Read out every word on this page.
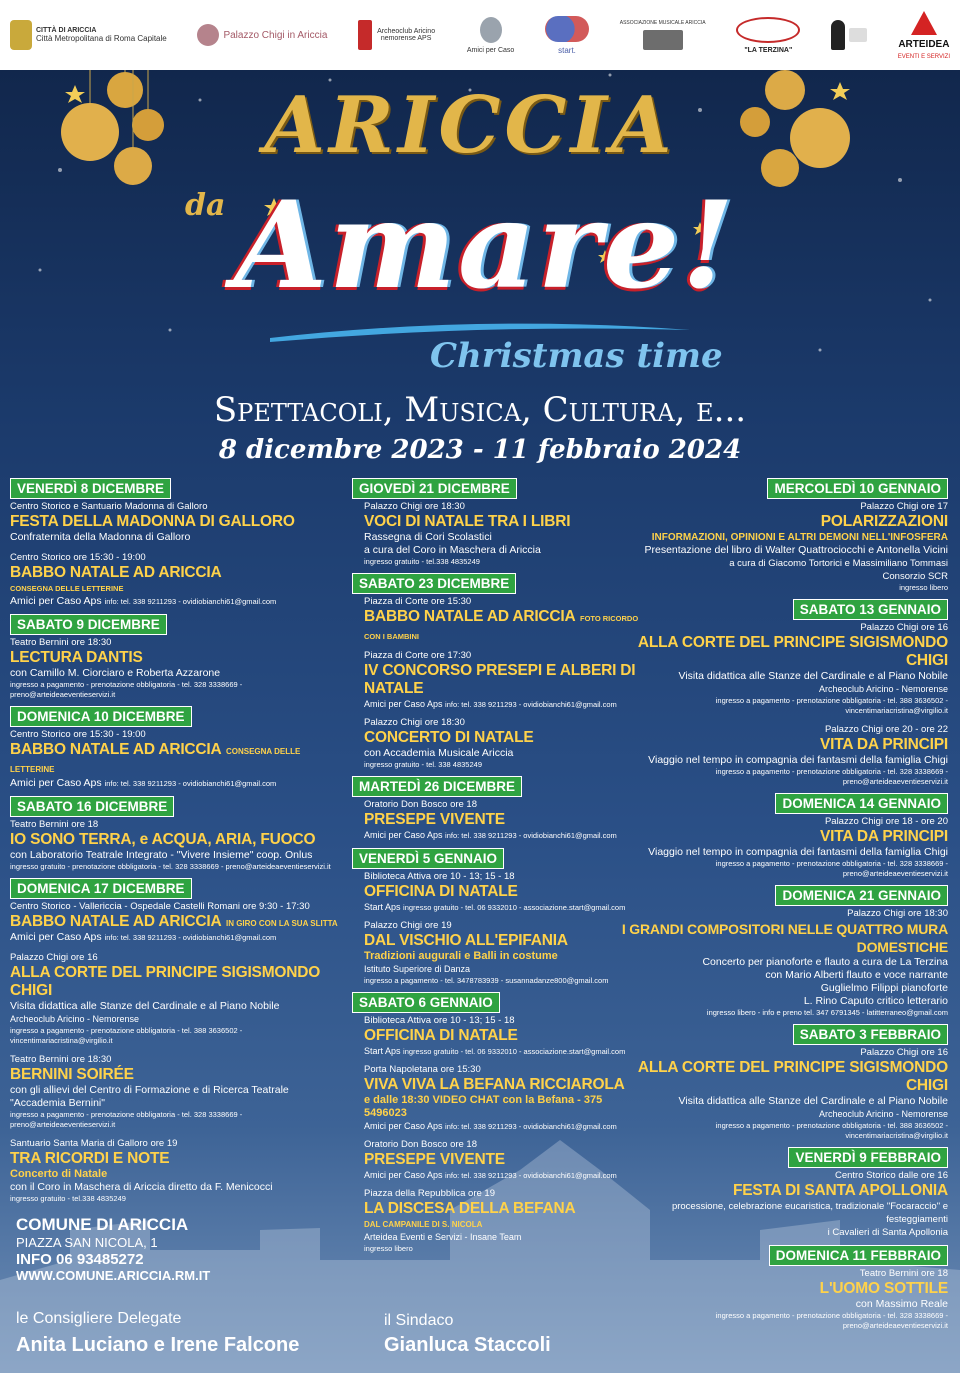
CITTÀ DI ARICCIA
Città Metropolitana di Roma Capitale	Palazzo Chigi in Ariccia	Archeoclub Aricino nemorense APS
Amici per Caso	start.
ASSOCIAZIONE MUSICALE ARICCIA
"LA TERZINA"
ARTEIDEA
EVENTI E SERVIZI
ARICCIA
da Amare!
Christmas time
Spettacoli, Musica, Cultura, e...
8 dicembre 2023 - 11 febbraio 2024
VENERDÌ 8 DICEMBRE
Centro Storico e Santuario Madonna di Galloro
FESTA DELLA MADONNA DI GALLORO
Confraternita della Madonna di Galloro
Centro Storico ore 15:30 - 19:00
BABBO NATALE AD ARICCIA
CONSEGNA DELLE LETTERINE
Amici per Caso Aps info: tel. 338 9211293 - ovidiobianchi61@gmail.com
SABATO 9 DICEMBRE
Teatro Bernini ore 18:30
LECTURA DANTIS
con Camillo M. Ciorciaro e Roberta Azzarone
ingresso a pagamento - prenotazione obbligatoria - tel. 328 3338669 - preno@arteideaeventieservizi.it
DOMENICA 10 DICEMBRE
Centro Storico ore 15:30 - 19:00
BABBO NATALE AD ARICCIA CONSEGNA DELLE LETTERINE
Amici per Caso Aps info: tel. 338 9211293 - ovidiobianchi61@gmail.com
SABATO 16 DICEMBRE
Teatro Bernini ore 18
IO SONO TERRA, e ACQUA, ARIA, FUOCO
con Laboratorio Teatrale Integrato - "Vivere Insieme" coop. Onlus
ingresso gratuito - prenotazione obbligatoria - tel. 328 3338669 - preno@arteideaeventieservizi.it
DOMENICA 17 DICEMBRE
Centro Storico - Vallericcia - Ospedale Castelli Romani ore 9:30 - 17:30
BABBO NATALE AD ARICCIA IN GIRO CON LA SUA SLITTA
Amici per Caso Aps info: tel. 338 9211293 - ovidiobianchi61@gmail.com
Palazzo Chigi ore 16
ALLA CORTE DEL PRINCIPE SIGISMONDO CHIGI
Visita didattica alle Stanze del Cardinale e al Piano Nobile
Archeoclub Aricino - Nemorense
ingresso a pagamento - prenotazione obbligatoria - tel. 388 3636502 - vincentimariacristina@virgilio.it
Teatro Bernini ore 18:30
BERNINI SOIRÉE
con gli allievi del Centro di Formazione e di Ricerca Teatrale "Accademia Bernini"
ingresso a pagamento - prenotazione obbligatoria - tel. 328 3338669 - preno@arteideaeventieservizi.it
Santuario Santa Maria di Galloro ore 19
TRA RICORDI E NOTE
Concerto di Natale
con il Coro in Maschera di Ariccia diretto da F. Menicocci
ingresso gratuito - tel.338 4835249
GIOVEDÌ 21 DICEMBRE
Palazzo Chigi ore 18:30
VOCI DI NATALE TRA I LIBRI
Rassegna di Cori Scolastici
a cura del Coro in Maschera di Ariccia
ingresso gratuito - tel.338 4835249
SABATO 23 DICEMBRE
Piazza di Corte ore 15:30
BABBO NATALE AD ARICCIA FOTO RICORDO CON I BAMBINI
Piazza di Corte ore 17:30
IV CONCORSO PRESEPI E ALBERI DI NATALE
Amici per Caso Aps info: tel. 338 9211293 - ovidiobianchi61@gmail.com
Palazzo Chigi ore 18:30
CONCERTO DI NATALE
con Accademia Musicale Ariccia
ingresso gratuito - tel. 338 4835249
MARTEDÌ 26 DICEMBRE
Oratorio Don Bosco ore 18
PRESEPE VIVENTE
Amici per Caso Aps info: tel. 338 9211293 - ovidiobianchi61@gmail.com
VENERDÌ 5 GENNAIO
Biblioteca Attiva ore 10 - 13; 15 - 18
OFFICINA DI NATALE
Start Aps ingresso gratuito - tel. 06 9332010 - associazione.start@gmail.com
Palazzo Chigi ore 19
DAL VISCHIO ALL'EPIFANIA
Tradizioni augurali e Balli in costume
Istituto Superiore di Danza
ingresso a pagamento - tel. 3478783939 - susannadanze800@gmail.com
SABATO 6 GENNAIO
Biblioteca Attiva ore 10 - 13; 15 - 18
OFFICINA DI NATALE
Start Aps ingresso gratuito - tel. 06 9332010 - associazione.start@gmail.com
Porta Napoletana ore 15:30
VIVA VIVA LA BEFANA RICCIAROLA
e dalle 18:30 VIDEO CHAT con la Befana - 375 5496023
Amici per Caso Aps info: tel. 338 9211293 - ovidiobianchi61@gmail.com
Oratorio Don Bosco ore 18
PRESEPE VIVENTE
Amici per Caso Aps info: tel. 338 9211293 - ovidiobianchi61@gmail.com
Piazza della Repubblica ore 19
LA DISCESA DELLA BEFANA
DAL CAMPANILE DI S. NICOLA
Arteidea Eventi e Servizi - Insane Team
ingresso libero
MERCOLEDÌ 10 GENNAIO
Palazzo Chigi ore 17
POLARIZZAZIONI
INFORMAZIONI, OPINIONI E ALTRI DEMONI NELL'INFOSFERA
Presentazione del libro di Walter Quattrociocchi e Antonella Vicini
a cura di Giacomo Tortorici e Massimiliano Tommasi
Consorzio SCR
ingresso libero
SABATO 13 GENNAIO
Palazzo Chigi ore 16
ALLA CORTE DEL PRINCIPE SIGISMONDO CHIGI
Visita didattica alle Stanze del Cardinale e al Piano Nobile
Archeoclub Aricino - Nemorense
ingresso a pagamento - prenotazione obbligatoria - tel. 388 3636502 - vincentimariacristina@virgilio.it
Palazzo Chigi ore 20 - ore 22
VITA DA PRINCIPI
Viaggio nel tempo in compagnia dei fantasmi della famiglia Chigi
ingresso a pagamento - prenotazione obbligatoria - tel. 328 3338669 - preno@arteideaeventieservizi.it
DOMENICA 14 GENNAIO
Palazzo Chigi ore 18 - ore 20
VITA DA PRINCIPI
Viaggio nel tempo in compagnia dei fantasmi della famiglia Chigi
ingresso a pagamento - prenotazione obbligatoria - tel. 328 3338669 - preno@arteideaeventieservizi.it
DOMENICA 21 GENNAIO
Palazzo Chigi ore 18:30
I GRANDI COMPOSITORI NELLE QUATTRO MURA DOMESTICHE
Concerto per pianoforte e flauto a cura de La Terzina
con Mario Alberti flauto e voce narrante
Guglielmo Filippi pianoforte
L. Rino Caputo critico letterario
ingresso libero - info e preno tel. 347 6791345 - latitterraneo@gmail.com
SABATO 3 FEBBRAIO
Palazzo Chigi ore 16
ALLA CORTE DEL PRINCIPE SIGISMONDO CHIGI
Visita didattica alle Stanze del Cardinale e al Piano Nobile
Archeoclub Aricino - Nemorense
ingresso a pagamento - prenotazione obbligatoria - tel. 388 3636502 - vincentimariacristina@virgilio.it
VENERDÌ 9 FEBBRAIO
Centro Storico dalle ore 16
FESTA DI SANTA APOLLONIA
processione, celebrazione eucaristica, tradizionale "Focaraccio" e festeggiamenti
i Cavalieri di Santa Apollonia
DOMENICA 11 FEBBRAIO
Teatro Bernini ore 18
L'UOMO SOTTILE
con Massimo Reale
ingresso a pagamento - prenotazione obbligatoria - tel. 328 3338669 - preno@arteideaeventieservizi.it
COMUNE DI ARICCIA
PIAZZA SAN NICOLA, 1
INFO 06 93485272
WWW.COMUNE.ARICCIA.RM.IT
le Consigliere Delegate
Anita Luciano e Irene Falcone
il Sindaco
Gianluca Staccoli
